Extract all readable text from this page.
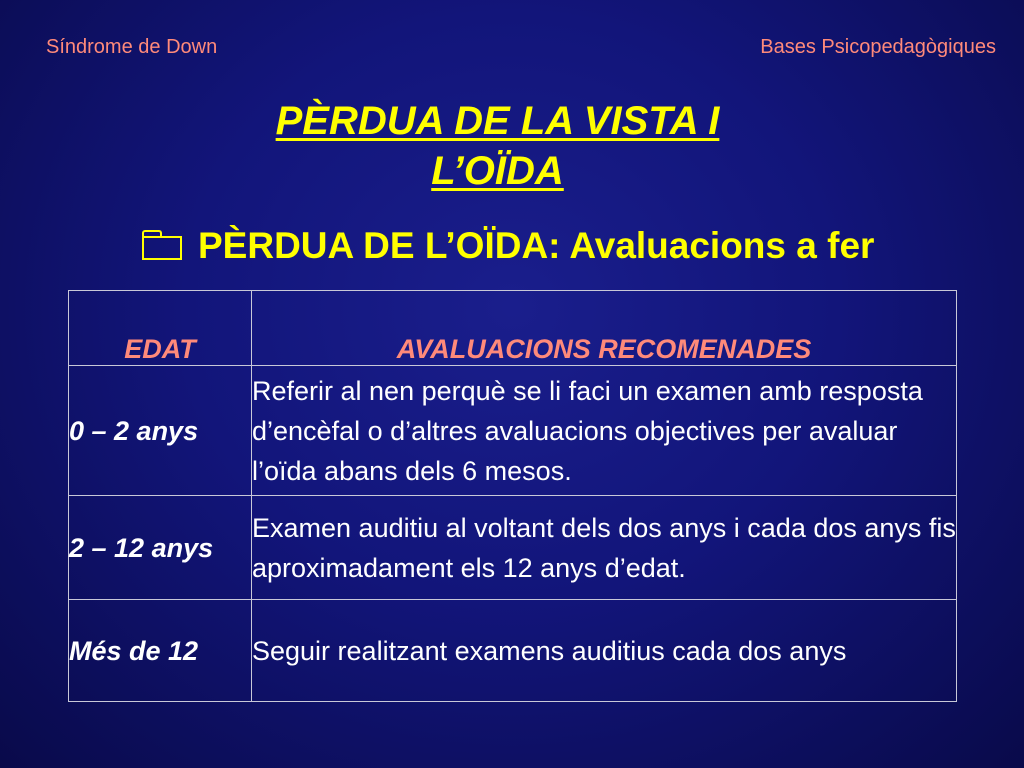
Síndrome de Down	Bases Psicopedagògiques
PÈRDUA DE LA VISTA I
L’OÏDA
PÈRDUA DE L’OÏDA: Avaluacions a fer
EDAT	AVALUACIONS RECOMENADES
0 – 2 anys	Referir al nen perquè se li faci un examen amb resposta d’encèfal o d’altres avaluacions objectives per avaluar l’oïda abans dels 6 mesos.
2 – 12 anys	Examen auditiu al voltant dels dos anys i cada dos anys fis aproximadament els 12 anys d’edat.
Més de 12	Seguir realitzant examens auditius cada dos anys
